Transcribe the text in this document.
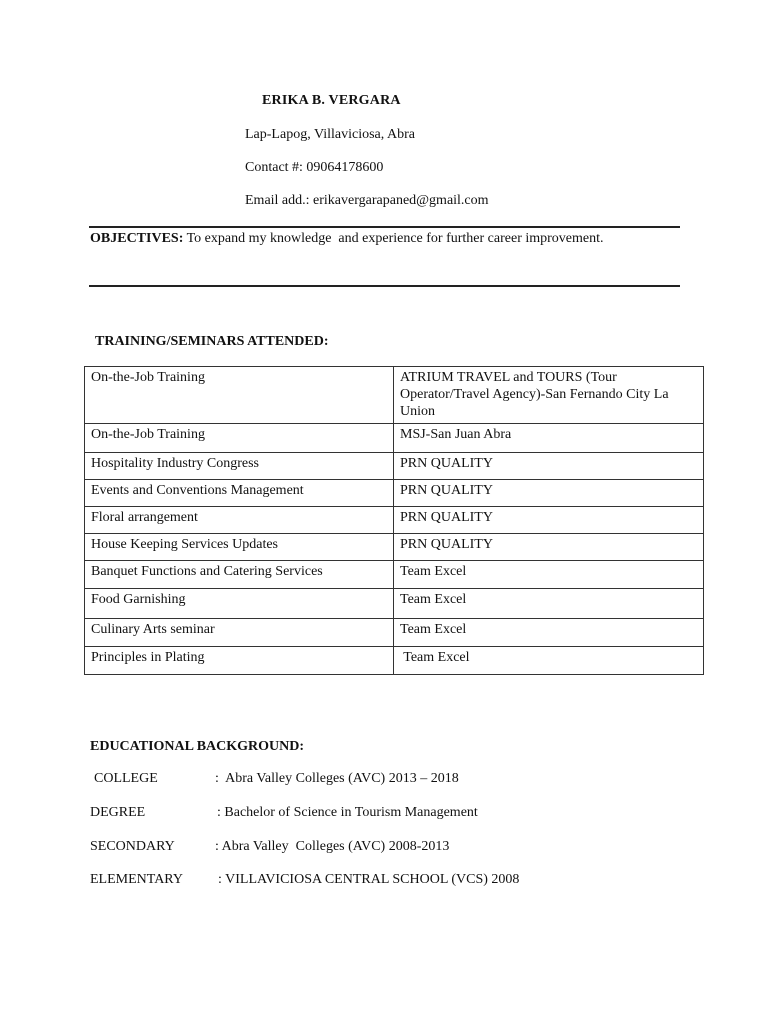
ERIKA B. VERGARA
Lap-Lapog, Villaviciosa, Abra
Contact #: 09064178600
Email add.: erikavergarapaned@gmail.com
OBJECTIVES: To expand my knowledge  and experience for further career improvement.
TRAINING/SEMINARS ATTENDED:
On-the-Job Training	ATRIUM TRAVEL and TOURS (Tour Operator/Travel Agency)-San Fernando City La Union
On-the-Job Training	MSJ-San Juan Abra
Hospitality Industry Congress	PRN QUALITY
Events and Conventions Management	PRN QUALITY
Floral arrangement	PRN QUALITY
House Keeping Services Updates	PRN QUALITY
Banquet Functions and Catering Services	Team Excel
Food Garnishing	Team Excel
Culinary Arts seminar	Team Excel
Principles in Plating	Team Excel
EDUCATIONAL BACKGROUND:
COLLEGE	:  Abra Valley Colleges (AVC) 2013 – 2018
DEGREE	: Bachelor of Science in Tourism Management
SECONDARY	: Abra Valley  Colleges (AVC) 2008-2013
ELEMENTARY	: VILLAVICIOSA CENTRAL SCHOOL (VCS) 2008
